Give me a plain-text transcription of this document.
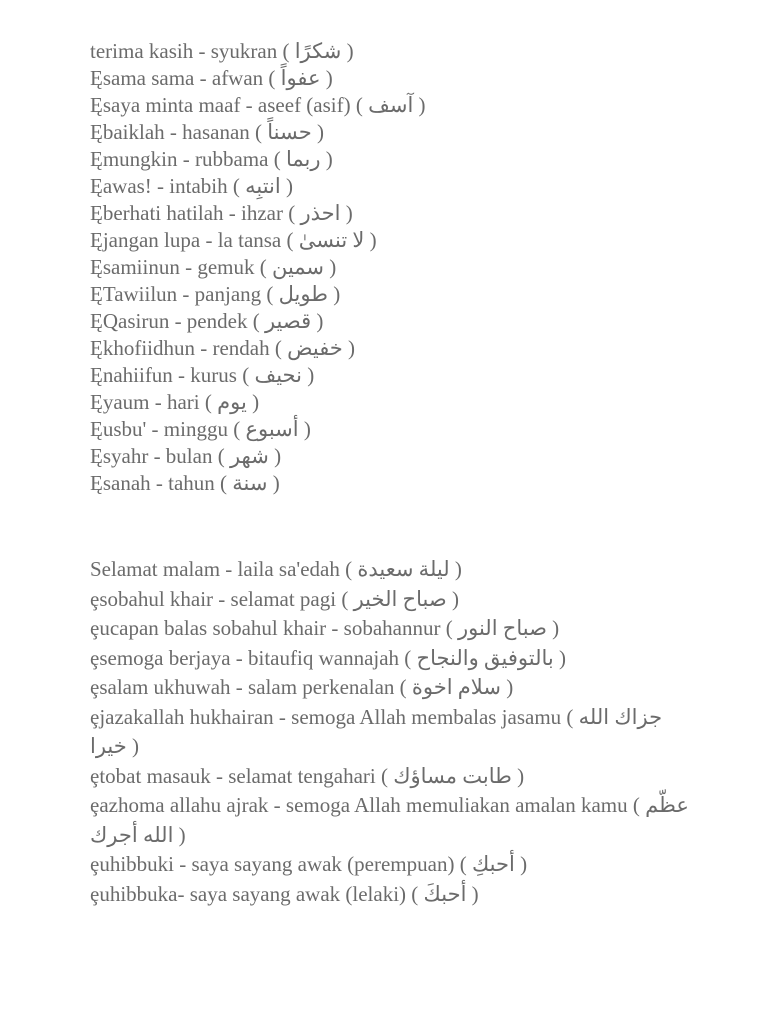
terima kasih - syukran ( شكرًا )
Ęsama sama - afwan ( عفواً )
Ęsaya minta maaf - aseef (asif) ( آسف )
Ębaiklah - hasanan ( حسناً )
Ęmungkin - rubbama ( ربما )
Ęawas! - intabih ( انتبِه )
Ęberhati hatilah - ihzar ( احذر )
Ęjangan lupa - la tansa ( لا تنسىٰ )
Ęsamiinun - gemuk ( سمين )
ĘTawiilun - panjang ( طويل )
ĘQasirun - pendek ( قصير )
Ękhofiidhun - rendah ( خفيض )
Ęnahiifun - kurus ( نحيف )
Ęyaum - hari ( يوم )
Ęusbu' - minggu ( أسبوع )
Ęsyahr - bulan ( شهر )
Ęsanah - tahun ( سنة )
Selamat malam - laila sa'edah ( ليلة سعيدة )
ȩsobahul khair - selamat pagi ( صباح الخير )
ȩucapan balas sobahul khair - sobahannur ( صباح النور )
ȩsemoga berjaya - bitaufiq wannajah ( بالتوفيق والنجاح )
ȩsalam ukhuwah - salam perkenalan ( سلام اخوة )
ȩjazakallah hukhairan - semoga Allah membalas jasamu ( جزاك الله خيرا )
ȩtobat masauk - selamat tengahari ( طابت مساؤك )
ȩazhoma allahu ajrak - semoga Allah memuliakan amalan kamu ( عظّم الله أجرك )
ȩuhibbuki - saya sayang awak (perempuan) ( أحبكِ )
ȩuhibbuka- saya sayang awak (lelaki) ( أحبكَ )
